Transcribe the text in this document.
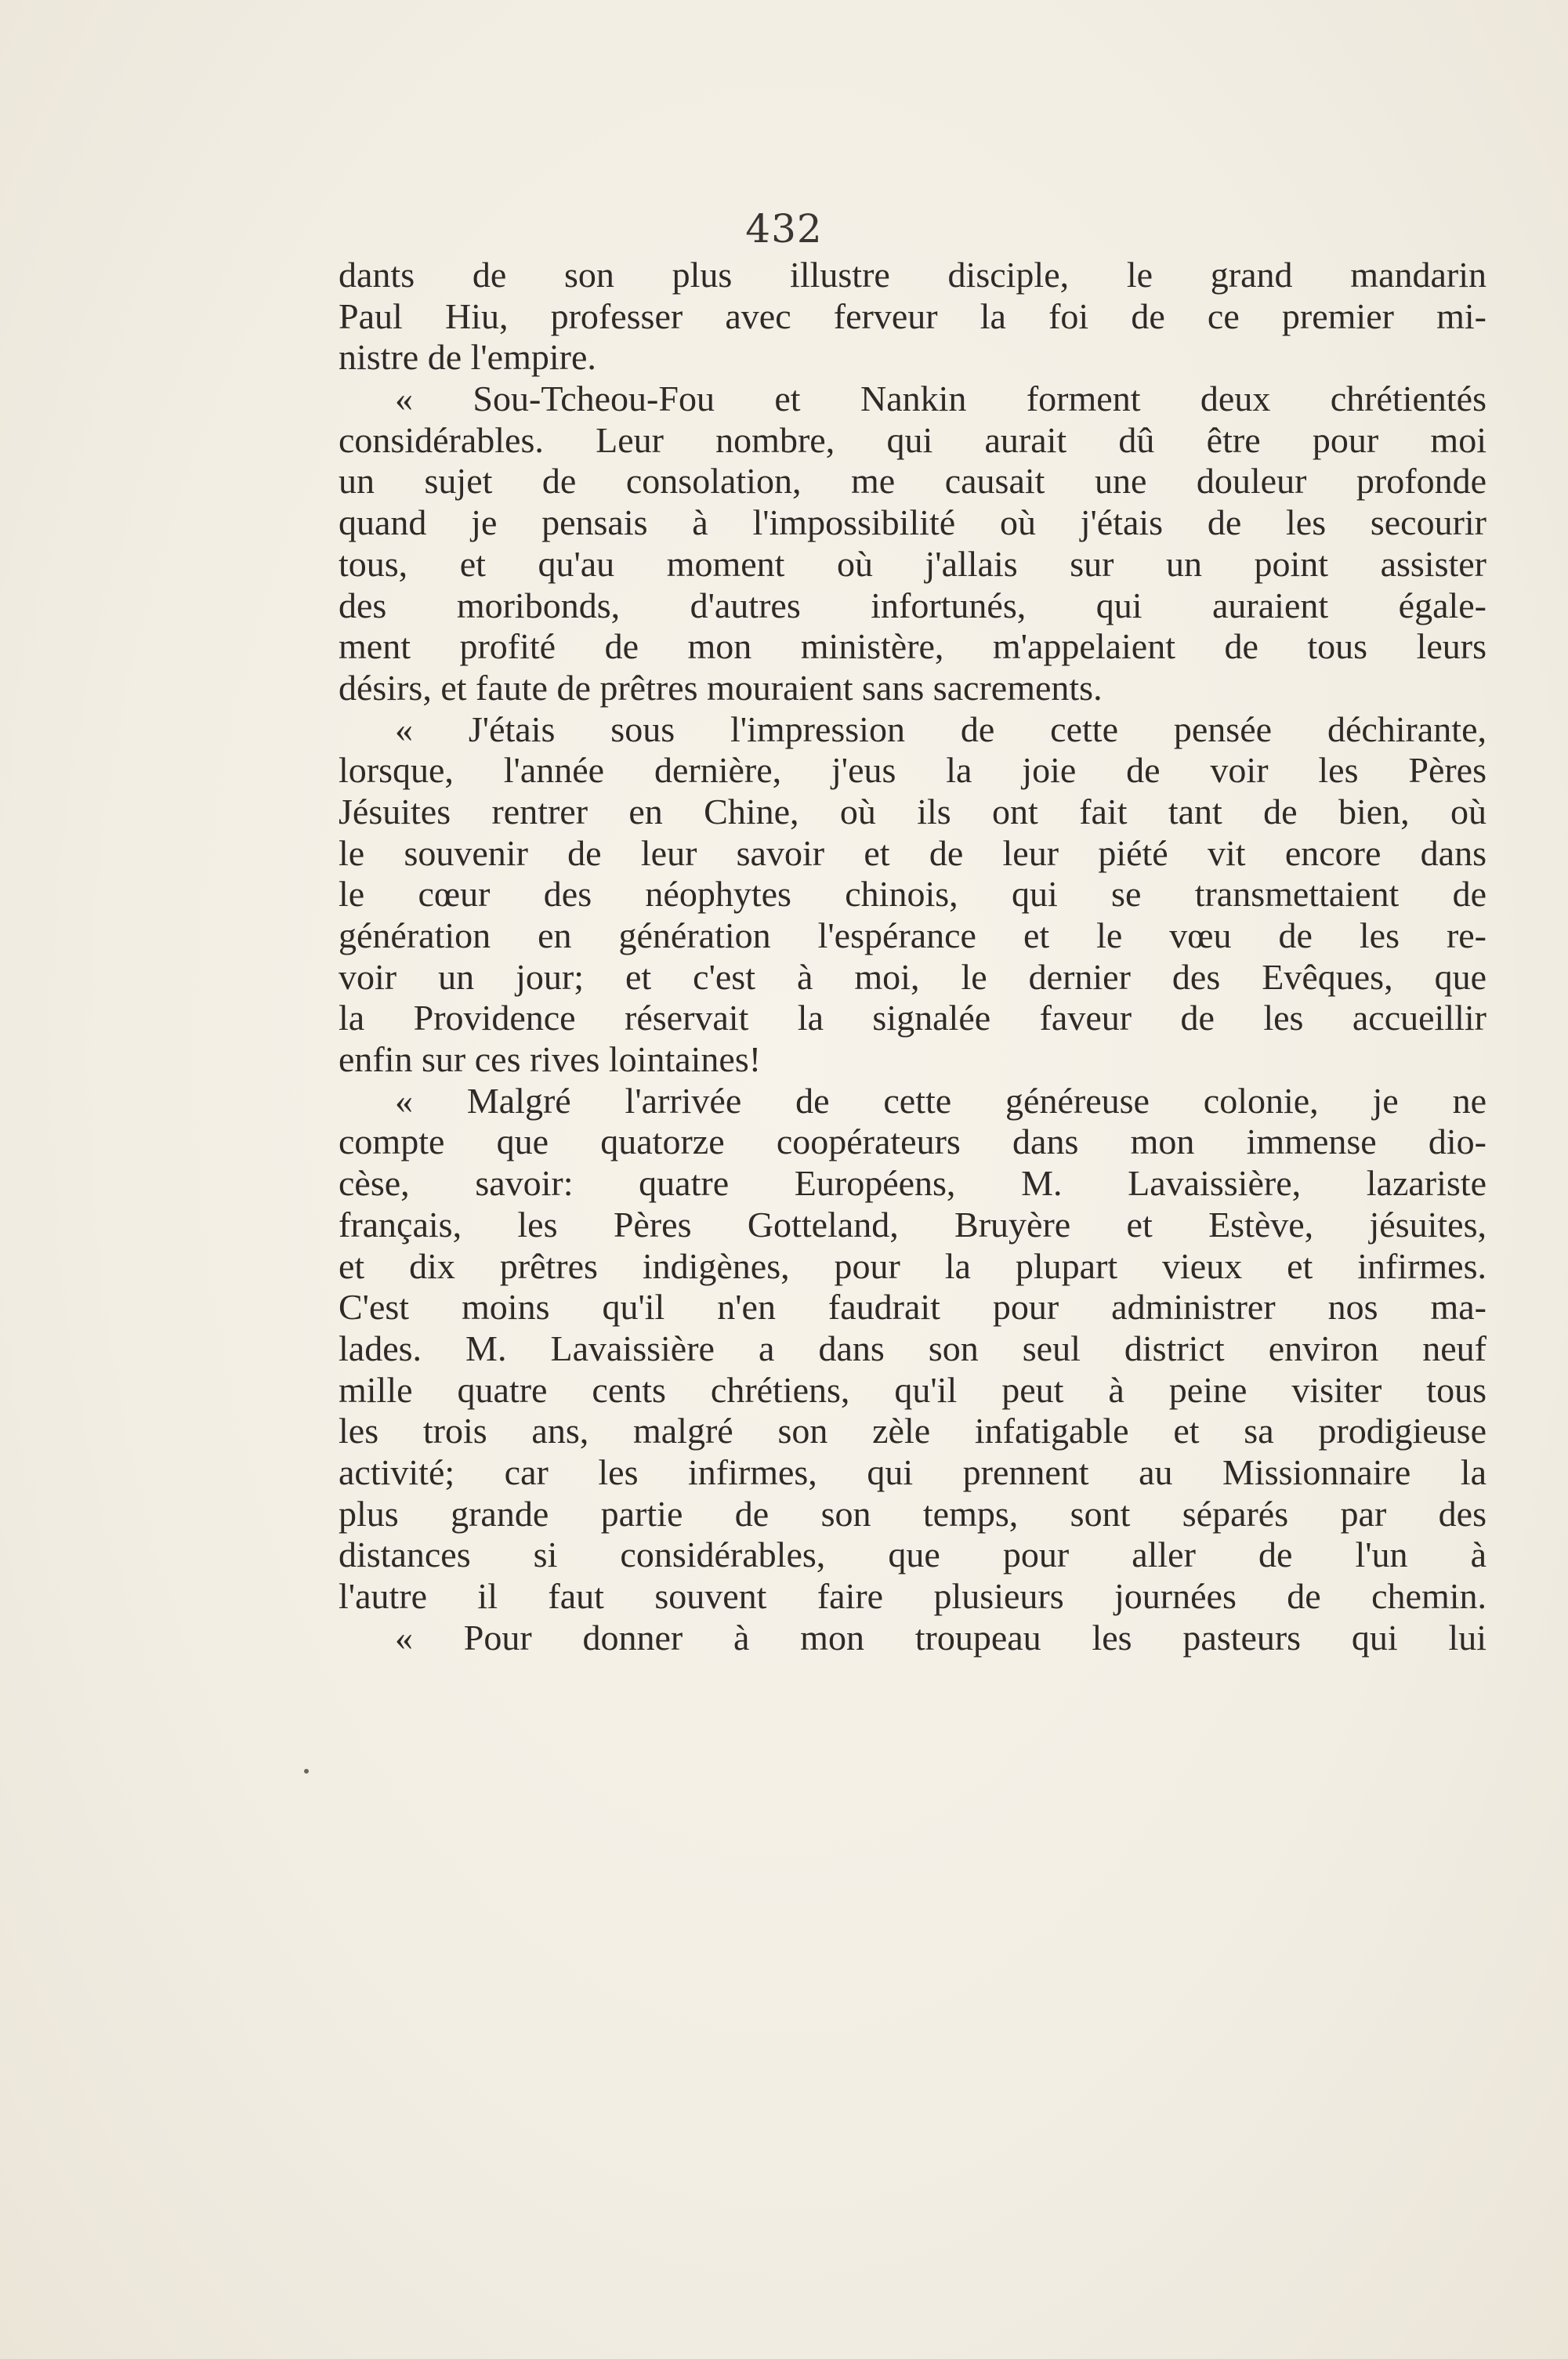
432
dants de son plus illustre disciple, le grand mandarin
Paul Hiu, professer avec ferveur la foi de ce premier mi-
nistre de l'empire.
« Sou-Tcheou-Fou et Nankin forment deux chrétientés
considérables. Leur nombre, qui aurait dû être pour moi
un sujet de consolation, me causait une douleur profonde
quand je pensais à l'impossibilité où j'étais de les secourir
tous, et qu'au moment où j'allais sur un point assister
des moribonds, d'autres infortunés, qui auraient égale-
ment profité de mon ministère, m'appelaient de tous leurs
désirs, et faute de prêtres mouraient sans sacrements.
« J'étais sous l'impression de cette pensée déchirante,
lorsque, l'année dernière, j'eus la joie de voir les Pères
Jésuites rentrer en Chine, où ils ont fait tant de bien, où
le souvenir de leur savoir et de leur piété vit encore dans
le cœur des néophytes chinois, qui se transmettaient de
génération en génération l'espérance et le vœu de les re-
voir un jour; et c'est à moi, le dernier des Evêques, que
la Providence réservait la signalée faveur de les accueillir
enfin sur ces rives lointaines!
« Malgré l'arrivée de cette généreuse colonie, je ne
compte que quatorze coopérateurs dans mon immense dio-
cèse, savoir: quatre Européens, M. Lavaissière, lazariste
français, les Pères Gotteland, Bruyère et Estève, jésuites,
et dix prêtres indigènes, pour la plupart vieux et infirmes.
C'est moins qu'il n'en faudrait pour administrer nos ma-
lades. M. Lavaissière a dans son seul district environ neuf
mille quatre cents chrétiens, qu'il peut à peine visiter tous
les trois ans, malgré son zèle infatigable et sa prodigieuse
activité; car les infirmes, qui prennent au Missionnaire la
plus grande partie de son temps, sont séparés par des
distances si considérables, que pour aller de l'un à
l'autre il faut souvent faire plusieurs journées de chemin.
« Pour donner à mon troupeau les pasteurs qui lui
